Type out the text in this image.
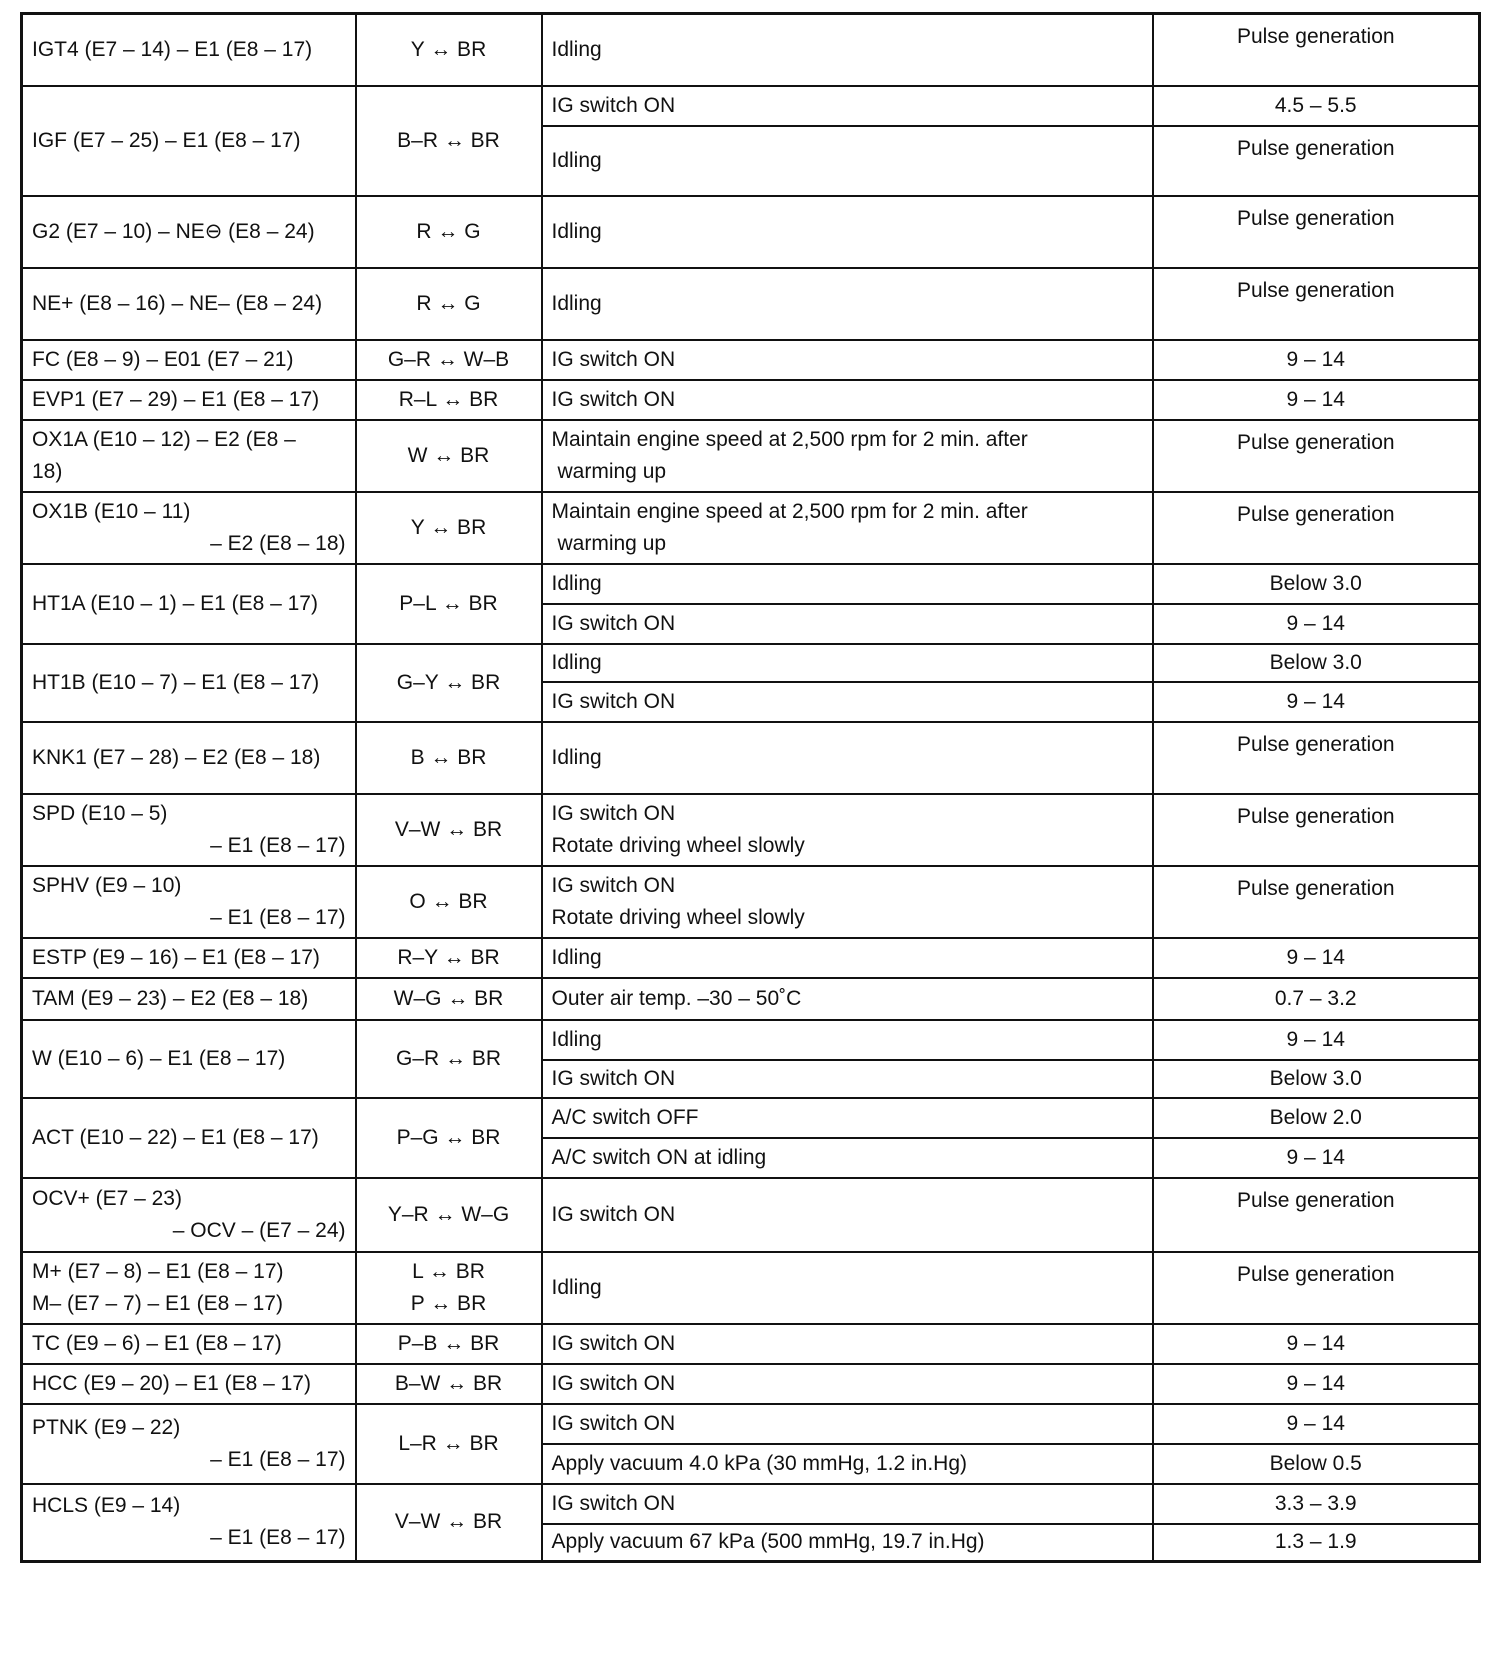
IGT4 (E7 – 14) – E1 (E8 – 17)	Y ↔ BR	Idling	Pulse generation

IGF (E7 – 25) – E1 (E8 – 17)	B–R ↔ BR	IG switch ON	4.5 – 5.5

		Idling	Pulse generation

G2 (E7 – 10) – NE⊖ (E8 – 24)	R ↔ G	Idling	Pulse generation

NE+ (E8 – 16) – NE– (E8 – 24)	R ↔ G	Idling	Pulse generation

FC (E8 – 9) – E01 (E7 – 21)	G–R ↔ W–B	IG switch ON	9 – 14

EVP1 (E7 – 29) – E1 (E8 – 17)	R–L ↔ BR	IG switch ON	9 – 14

OX1A (E10 – 12) – E2 (E8 –
18)	W ↔ BR	Maintain engine speed at 2,500 rpm for 2 min. after
warming up	Pulse generation

OX1B (E10 – 11)
– E2 (E8 – 18)	Y ↔ BR	Maintain engine speed at 2,500 rpm for 2 min. after
warming up	Pulse generation

HT1A (E10 – 1) – E1 (E8 – 17)	P–L ↔ BR	Idling	Below 3.0

		IG switch ON	9 – 14

HT1B (E10 – 7) – E1 (E8 – 17)	G–Y ↔ BR	Idling	Below 3.0

		IG switch ON	9 – 14

KNK1 (E7 – 28) – E2 (E8 – 18)	B ↔ BR	Idling	Pulse generation

SPD (E10 – 5)
– E1 (E8 – 17)	V–W ↔ BR	IG switch ON
Rotate driving wheel slowly	Pulse generation

SPHV (E9 – 10)
– E1 (E8 – 17)	O ↔ BR	IG switch ON
Rotate driving wheel slowly	Pulse generation

ESTP (E9 – 16) – E1 (E8 – 17)	R–Y ↔ BR	Idling	9 – 14

TAM (E9 – 23) – E2 (E8 – 18)	W–G ↔ BR	Outer air temp. –30 – 50˚C	0.7 – 3.2

W (E10 – 6) – E1 (E8 – 17)	G–R ↔ BR	Idling	9 – 14

		IG switch ON	Below 3.0

ACT (E10 – 22) – E1 (E8 – 17)	P–G ↔ BR	A/C switch OFF	Below 2.0

		A/C switch ON at idling	9 – 14

OCV+ (E7 – 23)
– OCV – (E7 – 24)	Y–R ↔ W–G	IG switch ON	Pulse generation

M+ (E7 – 8) – E1 (E8 – 17)
M– (E7 – 7) – E1 (E8 – 17)	L ↔ BR
P ↔ BR	Idling	Pulse generation

TC (E9 – 6) – E1 (E8 – 17)	P–B ↔ BR	IG switch ON	9 – 14

HCC (E9 – 20) – E1 (E8 – 17)	B–W ↔ BR	IG switch ON	9 – 14

PTNK (E9 – 22)
– E1 (E8 – 17)	L–R ↔ BR	IG switch ON	9 – 14

		Apply vacuum 4.0 kPa (30 mmHg, 1.2 in.Hg)	Below 0.5

HCLS (E9 – 14)
– E1 (E8 – 17)	V–W ↔ BR	IG switch ON	3.3 – 3.9

		Apply vacuum 67 kPa (500 mmHg, 19.7 in.Hg)	1.3 – 1.9
